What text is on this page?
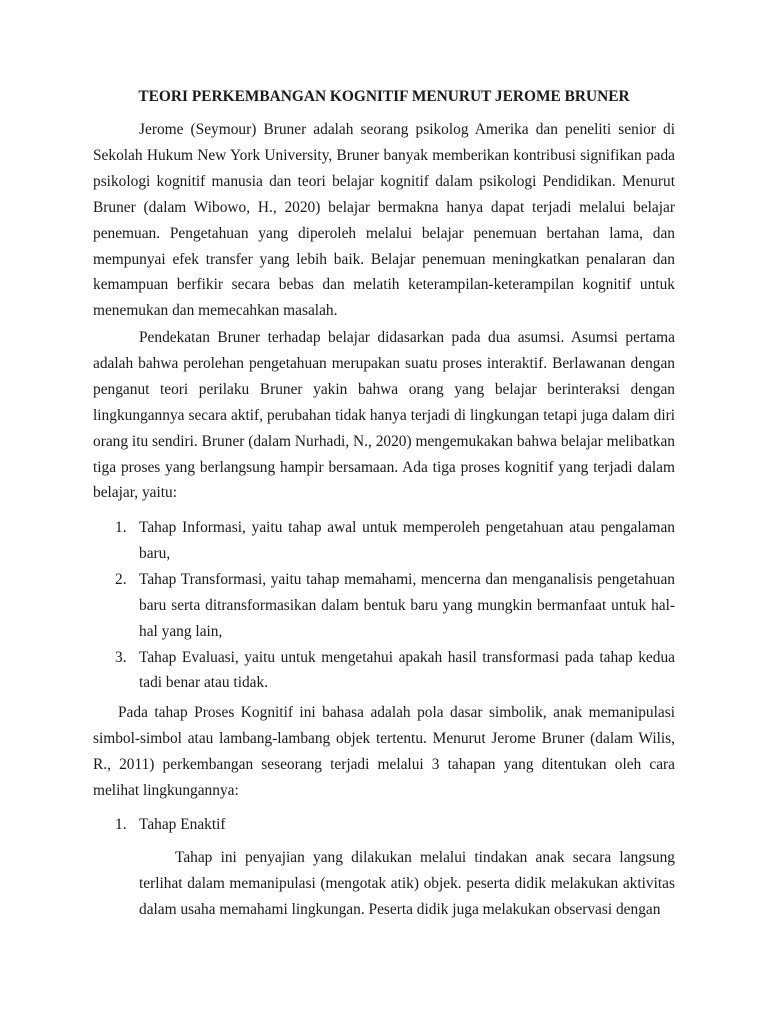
TEORI PERKEMBANGAN KOGNITIF MENURUT JEROME BRUNER

Jerome (Seymour) Bruner adalah seorang psikolog Amerika dan peneliti senior di Sekolah Hukum New York University, Bruner banyak memberikan kontribusi signifikan pada psikologi kognitif manusia dan teori belajar kognitif dalam psikologi Pendidikan. Menurut Bruner (dalam Wibowo, H., 2020) belajar bermakna hanya dapat terjadi melalui belajar penemuan. Pengetahuan yang diperoleh melalui belajar penemuan bertahan lama, dan mempunyai efek transfer yang lebih baik. Belajar penemuan meningkatkan penalaran dan kemampuan berfikir secara bebas dan melatih keterampilan-keterampilan kognitif untuk menemukan dan memecahkan masalah.

Pendekatan Bruner terhadap belajar didasarkan pada dua asumsi. Asumsi pertama adalah bahwa perolehan pengetahuan merupakan suatu proses interaktif. Berlawanan dengan penganut teori perilaku Bruner yakin bahwa orang yang belajar berinteraksi dengan lingkungannya secara aktif, perubahan tidak hanya terjadi di lingkungan tetapi juga dalam diri orang itu sendiri. Bruner (dalam Nurhadi, N., 2020) mengemukakan bahwa belajar melibatkan tiga proses yang berlangsung hampir bersamaan. Ada tiga proses kognitif yang terjadi dalam belajar, yaitu:

1. Tahap Informasi, yaitu tahap awal untuk memperoleh pengetahuan atau pengalaman baru,
2. Tahap Transformasi, yaitu tahap memahami, mencerna dan menganalisis pengetahuan baru serta ditransformasikan dalam bentuk baru yang mungkin bermanfaat untuk hal-hal yang lain,
3. Tahap Evaluasi, yaitu untuk mengetahui apakah hasil transformasi pada tahap kedua tadi benar atau tidak.

Pada tahap Proses Kognitif ini bahasa adalah pola dasar simbolik, anak memanipulasi simbol-simbol atau lambang-lambang objek tertentu. Menurut Jerome Bruner (dalam Wilis, R., 2011) perkembangan seseorang terjadi melalui 3 tahapan yang ditentukan oleh cara melihat lingkungannya:

1. Tahap Enaktif

Tahap ini penyajian yang dilakukan melalui tindakan anak secara langsung terlihat dalam memanipulasi (mengotak atik) objek. peserta didik melakukan aktivitas dalam usaha memahami lingkungan. Peserta didik juga melakukan observasi dengan
